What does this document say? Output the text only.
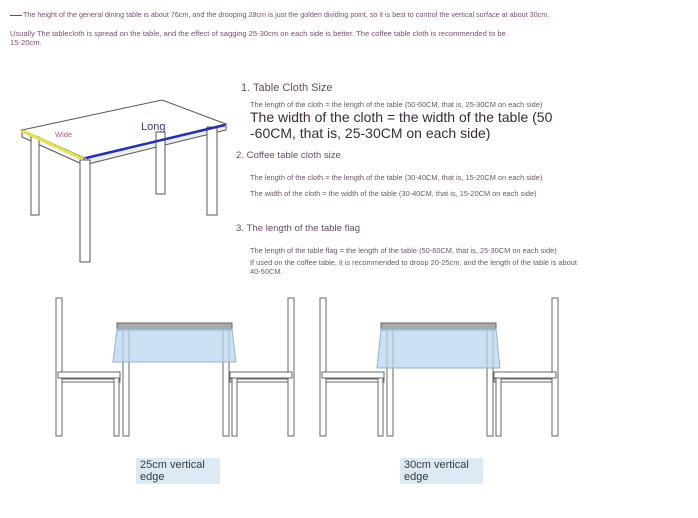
The height of the general dining table is about 76cm, and the drooping 28cm is just the golden dividing point, so it is best to control the vertical surface at about 30cm.
Usually The tablecloth is spread on the table, and the effect of sagging 25-30cm on each side is better. The coffee table cloth is recommended to be 15-20cm.
Long
Wide
1. Table Cloth Size
The length of the cloth = the length of the table (50-60CM, that is, 25-30CM on each side)
The width of the cloth = the width of the table (50 -60CM, that is, 25-30CM on each side)
2. Coffee table cloth size
The length of the cloth = the length of the table (30-40CM, that is, 15-20CM on each side)
The width of the cloth = the width of the table (30-40CM, that is, 15-20CM on each side)
3. The length of the table flag
The length of the table flag = the length of the table (50-60CM, that is, 25-30CM on each side)
If used on the coffee table, it is recommended to droop 20-25cm, and the length of the table is about 40-50CM.
25cm vertical edge
30cm vertical edge
